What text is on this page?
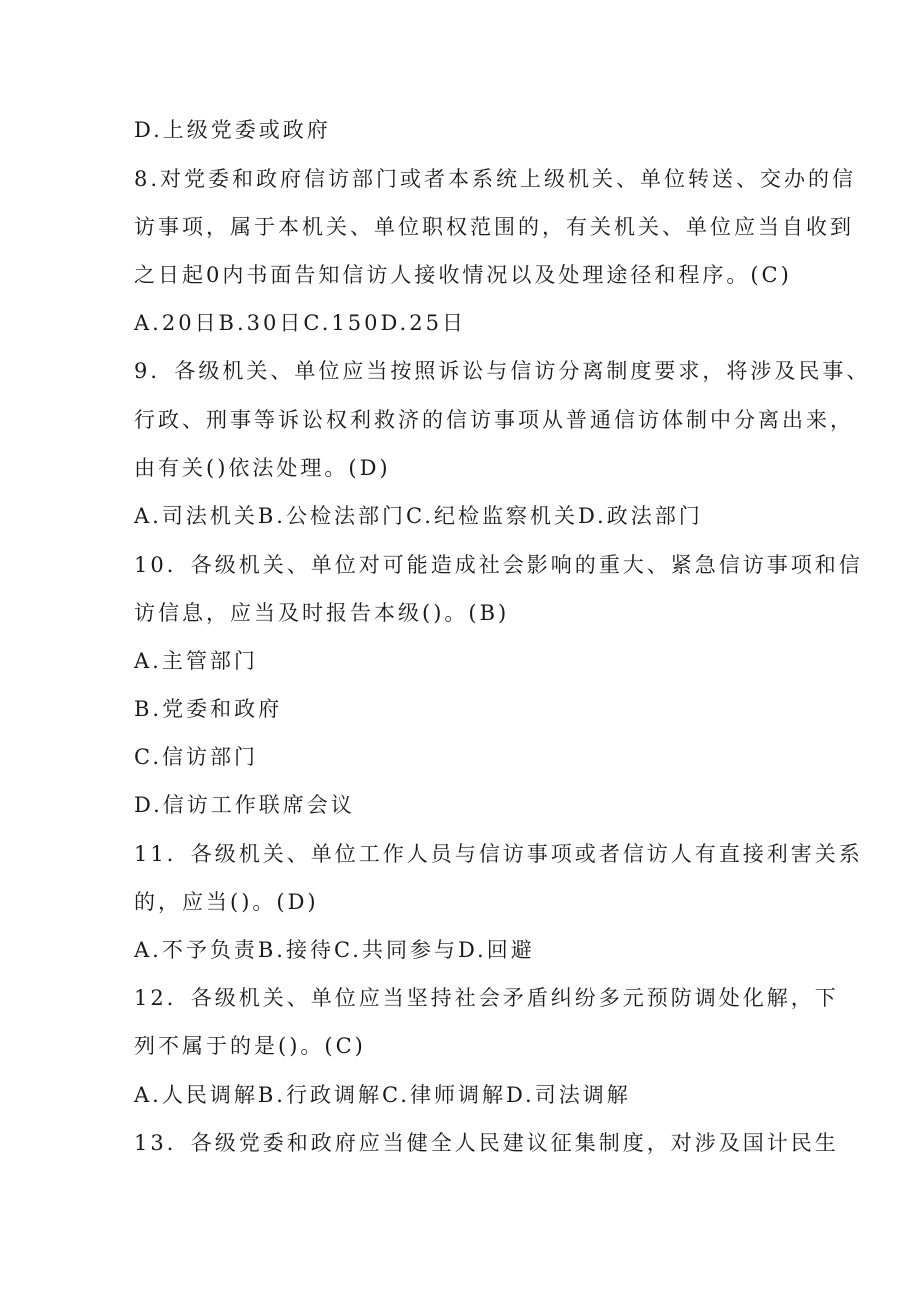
D.上级党委或政府
8.对党委和政府信访部门或者本系统上级机关、单位转送、交办的信
访事项，属于本机关、单位职权范围的，有关机关、单位应当自收到
之日起0内书面告知信访人接收情况以及处理途径和程序。(C)
A.20日B.30日C.150D.25日
9．各级机关、单位应当按照诉讼与信访分离制度要求，将涉及民事、
行政、刑事等诉讼权利救济的信访事项从普通信访体制中分离出来，
由有关()依法处理。(D)
A.司法机关B.公检法部门C.纪检监察机关D.政法部门
10．各级机关、单位对可能造成社会影响的重大、紧急信访事项和信
访信息，应当及时报告本级()。(B)
A.主管部门
B.党委和政府
C.信访部门
D.信访工作联席会议
11．各级机关、单位工作人员与信访事项或者信访人有直接利害关系
的，应当()。(D)
A.不予负责B.接待C.共同参与D.回避
12．各级机关、单位应当坚持社会矛盾纠纷多元预防调处化解，下
列不属于的是()。(C)
A.人民调解B.行政调解C.律师调解D.司法调解
13．各级党委和政府应当健全人民建议征集制度，对涉及国计民生
